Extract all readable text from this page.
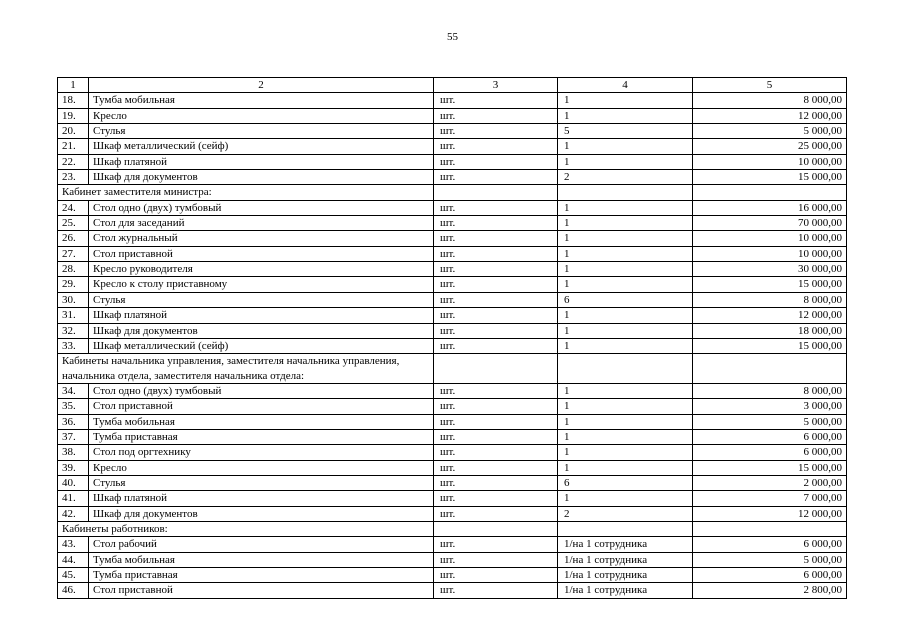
55
1	2	3	4	5
18.	Тумба мобильная	шт.	1	8 000,00
19.	Кресло	шт.	1	12 000,00
20.	Стулья	шт.	5	5 000,00
21.	Шкаф металлический (сейф)	шт.	1	25 000,00
22.	Шкаф платяной	шт.	1	10 000,00
23.	Шкаф для документов	шт.	2	15 000,00
Кабинет заместителя министра:				
24.	Стол одно (двух) тумбовый	шт.	1	16 000,00
25.	Стол для заседаний	шт.	1	70 000,00
26.	Стол журнальный	шт.	1	10 000,00
27.	Стол приставной	шт.	1	10 000,00
28.	Кресло руководителя	шт.	1	30 000,00
29.	Кресло к столу приставному	шт.	1	15 000,00
30.	Стулья	шт.	6	8 000,00
31.	Шкаф платяной	шт.	1	12 000,00
32.	Шкаф для документов	шт.	1	18 000,00
33.	Шкаф металлический (сейф)	шт.	1	15 000,00
Кабинеты начальника управления, заместителя начальника управления, начальника отдела, заместителя начальника отдела:				
34.	Стол одно (двух) тумбовый	шт.	1	8 000,00
35.	Стол приставной	шт.	1	3 000,00
36.	Тумба мобильная	шт.	1	5 000,00
37.	Тумба приставная	шт.	1	6 000,00
38.	Стол под оргтехнику	шт.	1	6 000,00
39.	Кресло	шт.	1	15 000,00
40.	Стулья	шт.	6	2 000,00
41.	Шкаф платяной	шт.	1	7 000,00
42.	Шкаф для документов	шт.	2	12 000,00
Кабинеты работников:				
43.	Стол рабочий	шт.	1/на 1 сотрудника	6 000,00
44.	Тумба мобильная	шт.	1/на 1 сотрудника	5 000,00
45.	Тумба приставная	шт.	1/на 1 сотрудника	6 000,00
46.	Стол приставной	шт.	1/на 1 сотрудника	2 800,00
